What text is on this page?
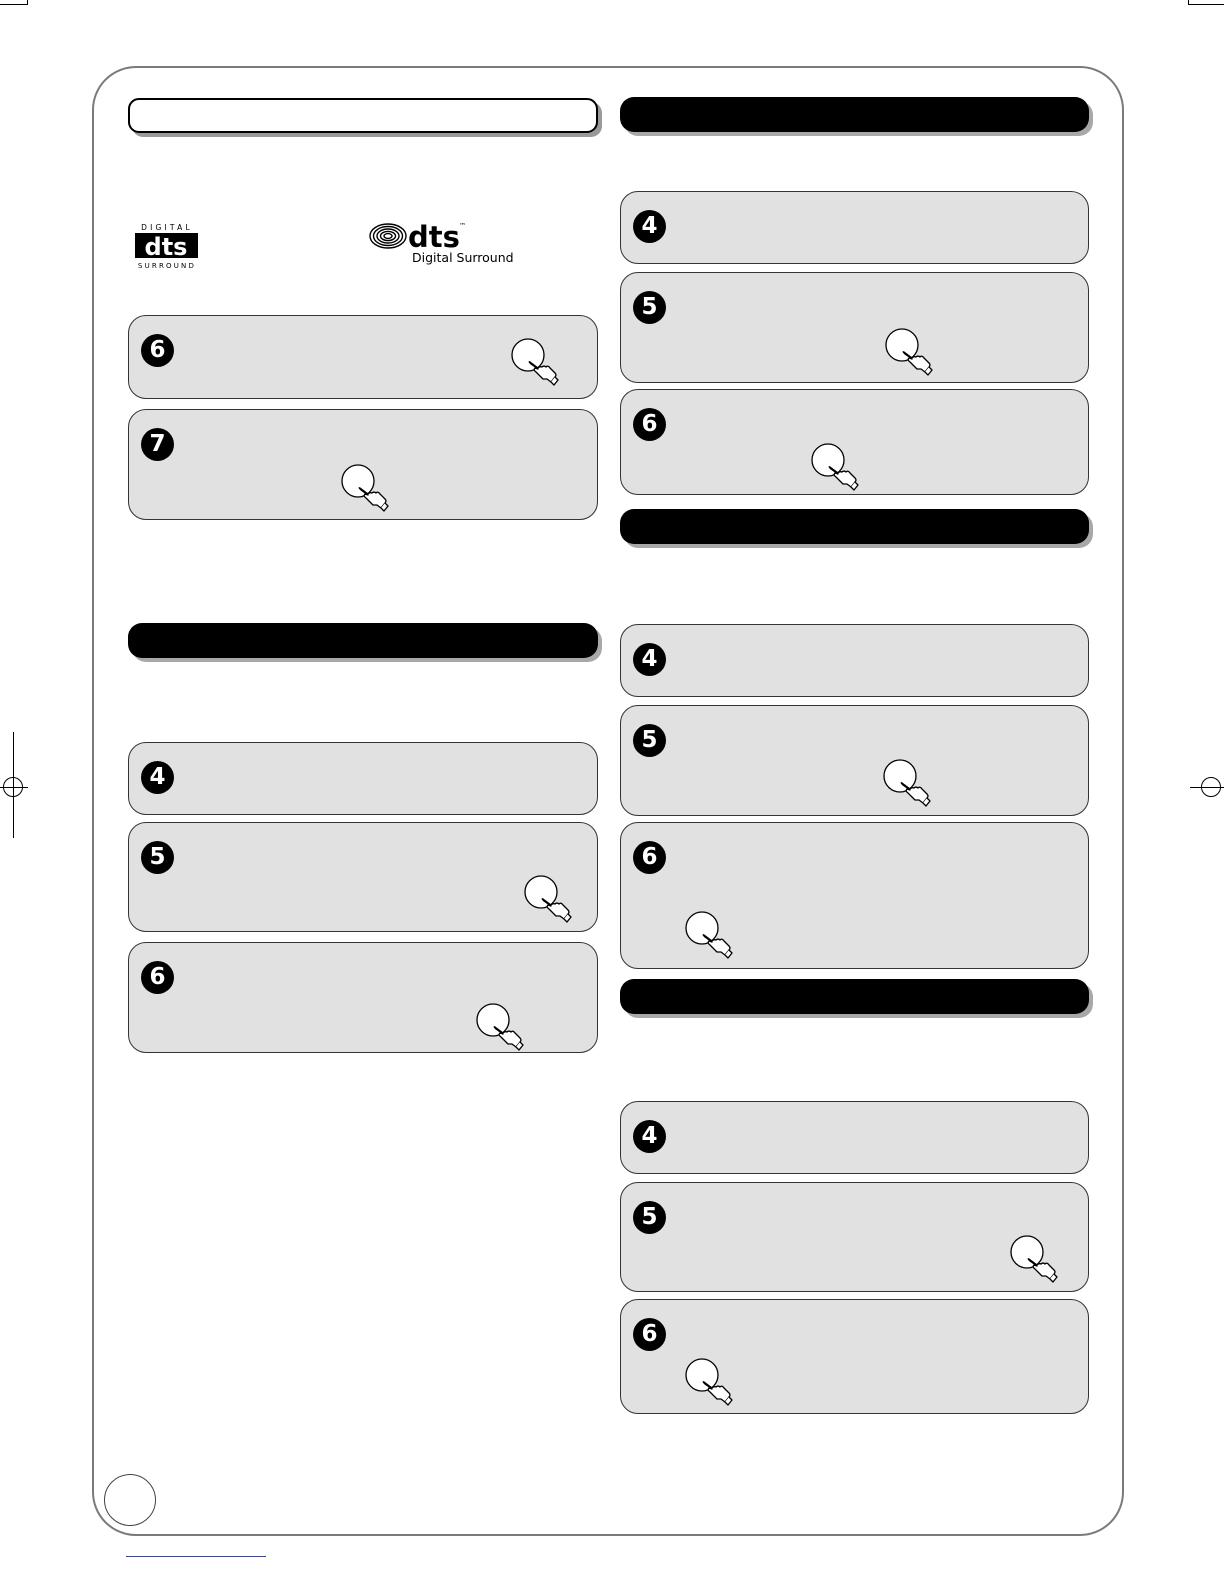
DIGITAL
dts
SURROUND
dts ™
Digital Surround
6
7
4
5
6
4
5
6
4
5
6
4
5
6
